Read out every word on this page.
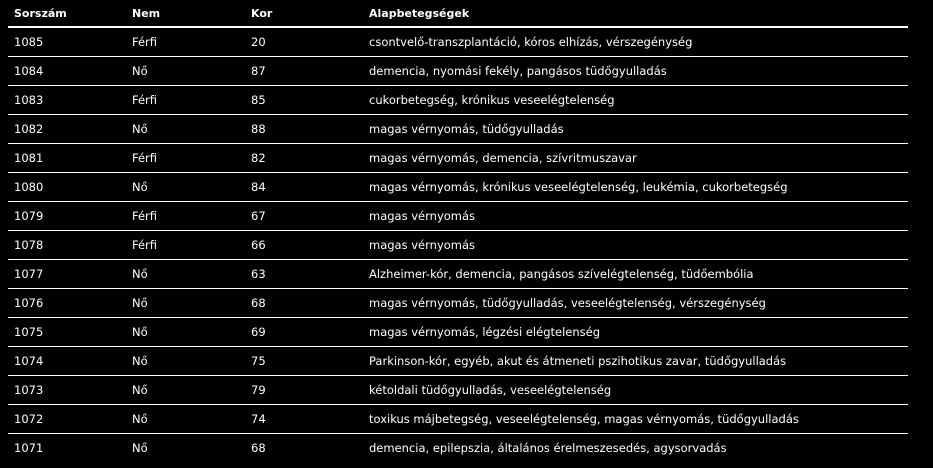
Sorszám	Nem	Kor	Alapbetegségek
1085	Férfi	20	csontvelő-transzplantáció, kóros elhízás, vérszegénység
1084	Nő	87	demencia, nyomási fekély, pangásos tüdőgyulladás
1083	Férfi	85	cukorbetegség, krónikus veseelégtelenség
1082	Nő	88	magas vérnyomás, tüdőgyulladás
1081	Férfi	82	magas vérnyomás, demencia, szívritmuszavar
1080	Nő	84	magas vérnyomás, krónikus veseelégtelenség, leukémia, cukorbetegség
1079	Férfi	67	magas vérnyomás
1078	Férfi	66	magas vérnyomás
1077	Nő	63	Alzheimer-kór, demencia, pangásos szívelégtelenség, tüdőembólia
1076	Nő	68	magas vérnyomás, tüdőgyulladás, veseelégtelenség, vérszegénység
1075	Nő	69	magas vérnyomás, légzési elégtelenség
1074	Nő	75	Parkinson-kór, egyéb, akut és átmeneti pszihotikus zavar, tüdőgyulladás
1073	Nő	79	kétoldali tüdőgyulladás, veseelégtelenség
1072	Nő	74	toxikus májbetegség, veseelégtelenség, magas vérnyomás, tüdőgyulladás
1071	Nő	68	demencia, epilepszia, általános érelmeszesedés, agysorvadás
